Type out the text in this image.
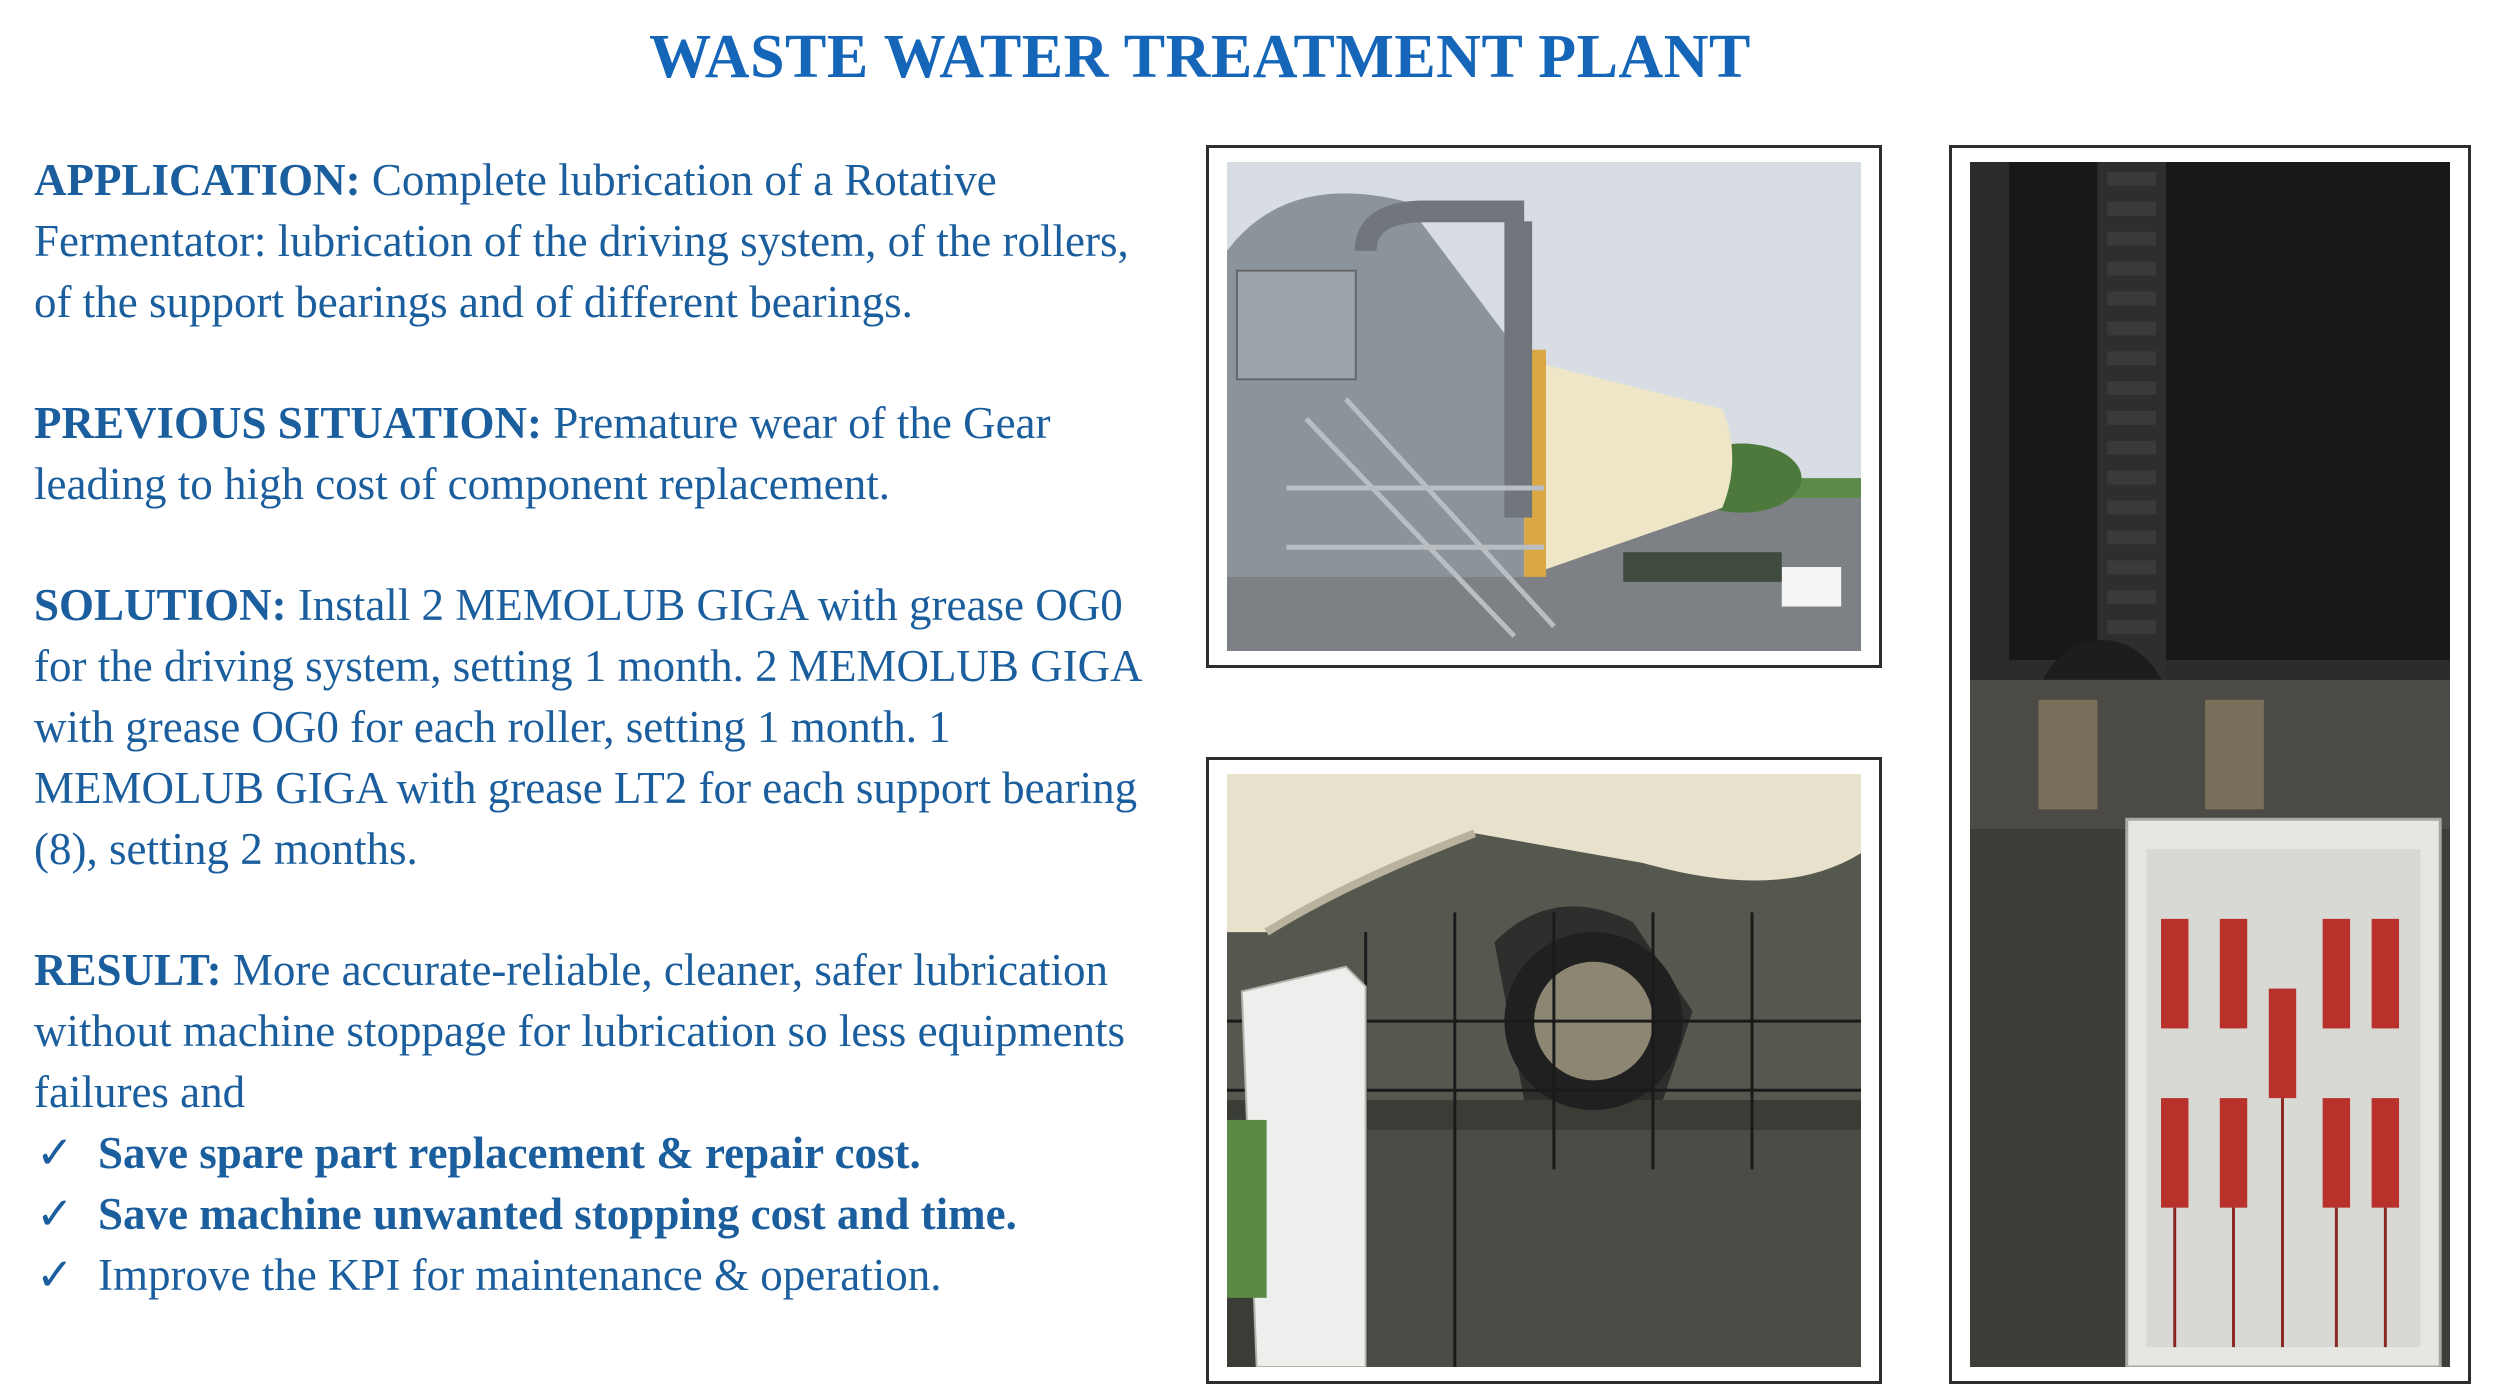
WASTE WATER TREATMENT PLANT

APPLICATION: Complete lubrication of a Rotative Fermentator: lubrication of the driving system, of the rollers, of the support bearings and of different bearings.

PREVIOUS SITUATION: Premature wear of the Gear leading to high cost of component replacement.

SOLUTION: Install 2 MEMOLUB GIGA with grease OG0 for the driving system, setting 1 month. 2 MEMOLUB GIGA with grease OG0 for each roller, setting 1 month. 1 MEMOLUB GIGA with grease LT2 for each support bearing (8), setting 2 months.

RESULT: More accurate-reliable, cleaner, safer lubrication without machine stoppage for lubrication so less equipments failures and

✓ Save spare part replacement & repair cost.
✓ Save machine unwanted stopping cost and time.
✓ Improve the KPI for maintenance & operation.
